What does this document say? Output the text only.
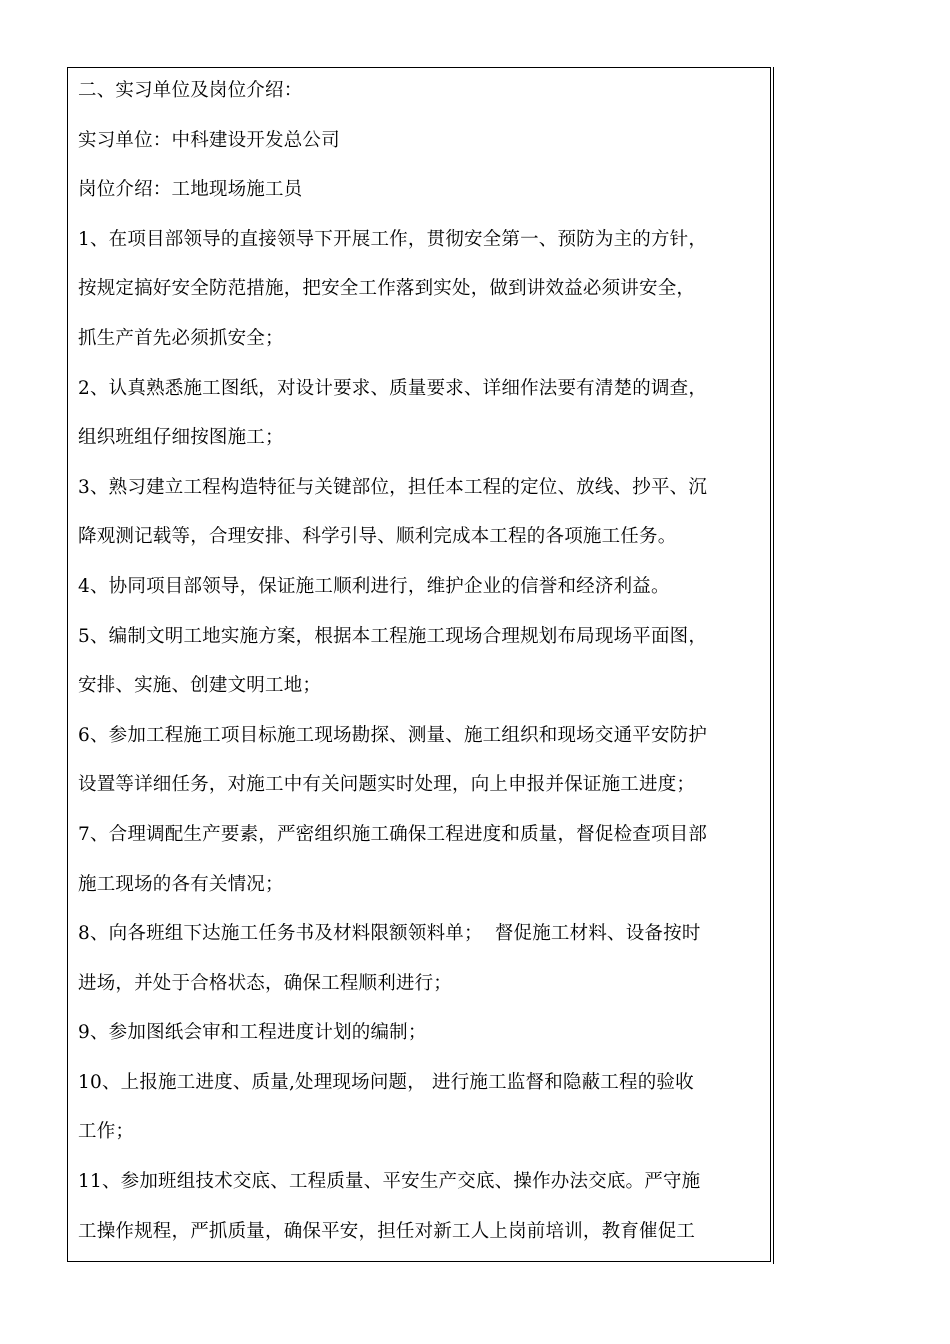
二、实习单位及岗位介绍：
实习单位：中科建设开发总公司
岗位介绍：工地现场施工员
1、在项目部领导的直接领导下开展工作，贯彻安全第一、预防为主的方针，
按规定搞好安全防范措施，把安全工作落到实处，做到讲效益必须讲安全，
抓生产首先必须抓安全；
2、认真熟悉施工图纸，对设计要求、质量要求、详细作法要有清楚的调查，
组织班组仔细按图施工；
3、熟习建立工程构造特征与关键部位，担任本工程的定位、放线、抄平、沉
降观测记载等，合理安排、科学引导、顺利完成本工程的各项施工任务。
4、协同项目部领导，保证施工顺利进行，维护企业的信誉和经济利益。
5、编制文明工地实施方案，根据本工程施工现场合理规划布局现场平面图，
安排、实施、创建文明工地；
6、参加工程施工项目标施工现场勘探、测量、施工组织和现场交通平安防护
设置等详细任务，对施工中有关问题实时处理，向上申报并保证施工进度；
7、合理调配生产要素，严密组织施工确保工程进度和质量，督促检查项目部
施工现场的各有关情况；
8、向各班组下达施工任务书及材料限额领料单；  督促施工材料、设备按时
进场，并处于合格状态，确保工程顺利进行；
9、参加图纸会审和工程进度计划的编制；
10、上报施工进度、质量,处理现场问题， 进行施工监督和隐蔽工程的验收
工作；
11、参加班组技术交底、工程质量、平安生产交底、操作办法交底。严守施
工操作规程，严抓质量，确保平安，担任对新工人上岗前培训，教育催促工
